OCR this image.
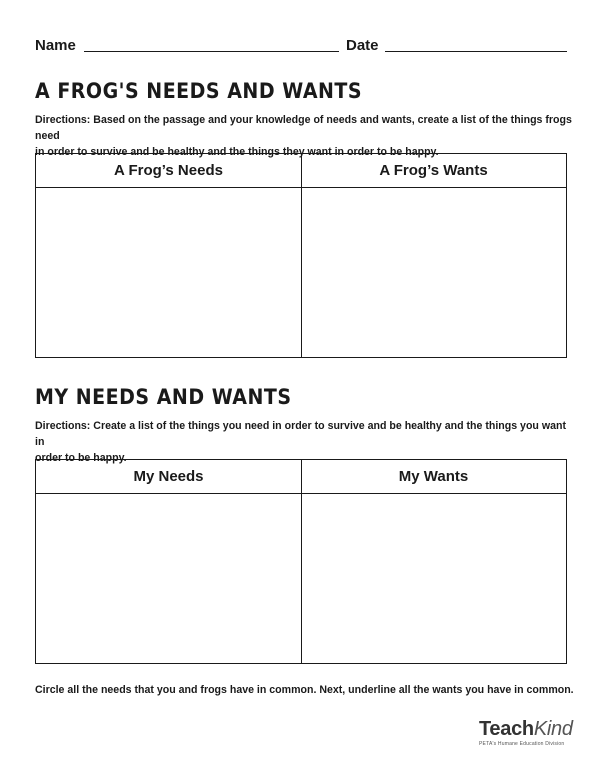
Name	Date
A FROG'S NEEDS AND WANTS
Directions: Based on the passage and your knowledge of needs and wants, create a list of the things frogs need
in order to survive and be healthy and the things they want in order to be happy.
A Frog’s Needs	A Frog’s Wants
MY NEEDS AND WANTS
Directions: Create a list of the things you need in order to survive and be healthy and the things you want in
order to be happy.
My Needs	My Wants
Circle all the needs that you and frogs have in common. Next, underline all the wants you have in common.
TeachKind
PETA's Humane Education Division
